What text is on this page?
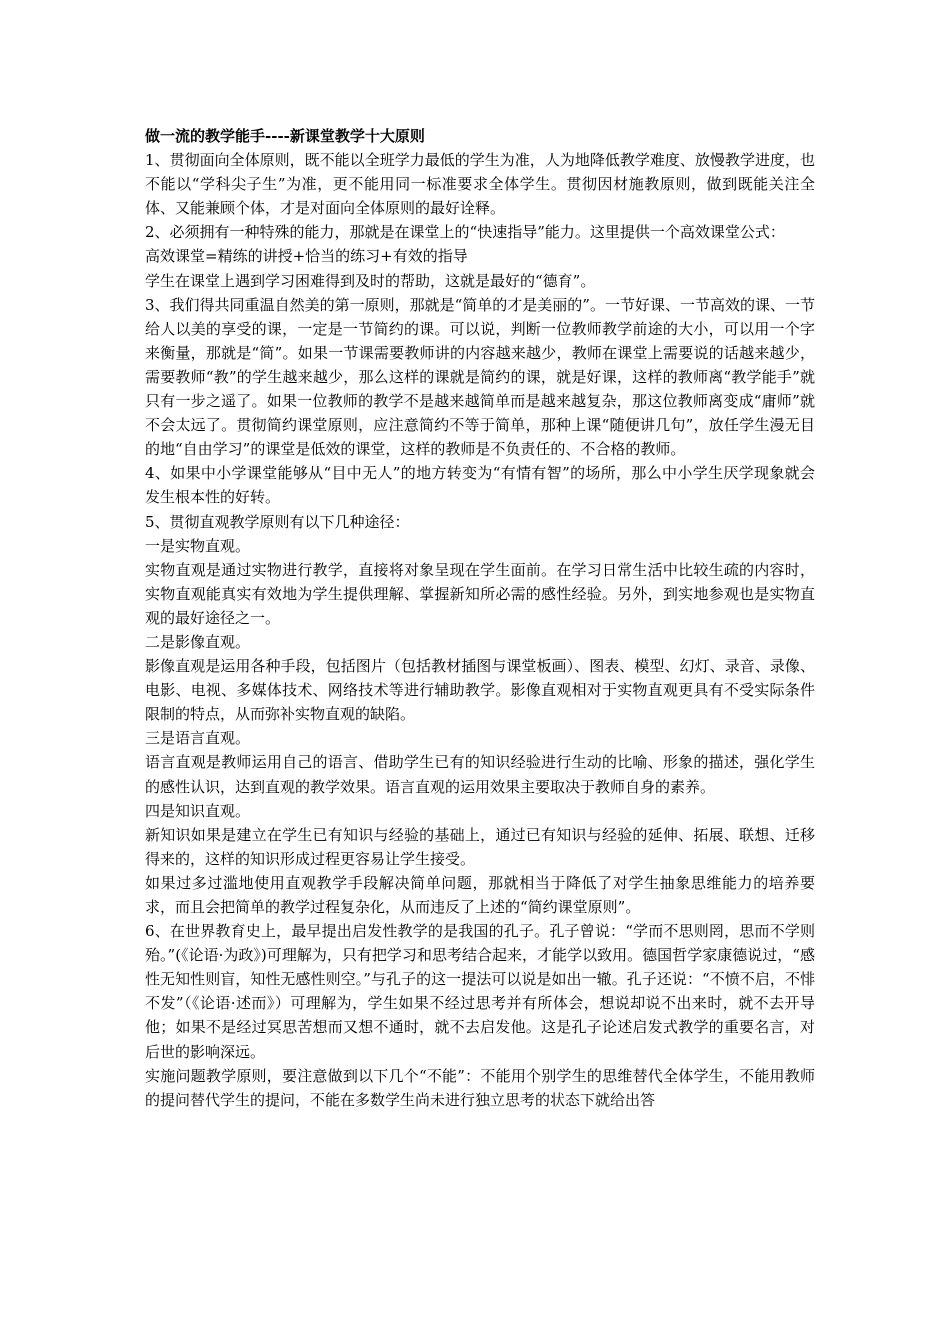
做一流的教学能手----新课堂教学十大原则

1、贯彻面向全体原则，既不能以全班学力最低的学生为准，人为地降低教学难度、放慢教学进度，也不能以“学科尖子生”为准，更不能用同一标准要求全体学生。贯彻因材施教原则，做到既能关注全体、又能兼顾个体，才是对面向全体原则的最好诠释。

2、必须拥有一种特殊的能力，那就是在课堂上的“快速指导”能力。这里提供一个高效课堂公式：

高效课堂=精练的讲授+恰当的练习+有效的指导

学生在课堂上遇到学习困难得到及时的帮助，这就是最好的“德育”。

3、我们得共同重温自然美的第一原则，那就是“简单的才是美丽的”。一节好课、一节高效的课、一节给人以美的享受的课，一定是一节简约的课。可以说，判断一位教师教学前途的大小，可以用一个字来衡量，那就是“简”。如果一节课需要教师讲的内容越来越少，教师在课堂上需要说的话越来越少，需要教师“教”的学生越来越少，那么这样的课就是简约的课，就是好课，这样的教师离“教学能手”就只有一步之遥了。如果一位教师的教学不是越来越简单而是越来越复杂，那这位教师离变成“庸师”就不会太远了。贯彻简约课堂原则，应注意简约不等于简单，那种上课“随便讲几句”，放任学生漫无目的地“自由学习”的课堂是低效的课堂，这样的教师是不负责任的、不合格的教师。

4、如果中小学课堂能够从“目中无人”的地方转变为“有情有智”的场所，那么中小学生厌学现象就会发生根本性的好转。

5、贯彻直观教学原则有以下几种途径：

一是实物直观。

实物直观是通过实物进行教学，直接将对象呈现在学生面前。在学习日常生活中比较生疏的内容时，实物直观能真实有效地为学生提供理解、掌握新知所必需的感性经验。另外，到实地参观也是实物直观的最好途径之一。

二是影像直观。

影像直观是运用各种手段，包括图片（包括教材插图与课堂板画）、图表、模型、幻灯、录音、录像、电影、电视、多媒体技术、网络技术等进行辅助教学。影像直观相对于实物直观更具有不受实际条件限制的特点，从而弥补实物直观的缺陷。

三是语言直观。

语言直观是教师运用自己的语言、借助学生已有的知识经验进行生动的比喻、形象的描述，强化学生的感性认识，达到直观的教学效果。语言直观的运用效果主要取决于教师自身的素养。

四是知识直观。

新知识如果是建立在学生已有知识与经验的基础上，通过已有知识与经验的延伸、拓展、联想、迁移得来的，这样的知识形成过程更容易让学生接受。

如果过多过滥地使用直观教学手段解决简单问题，那就相当于降低了对学生抽象思维能力的培养要求，而且会把简单的教学过程复杂化，从而违反了上述的“简约课堂原则”。

6、在世界教育史上，最早提出启发性教学的是我国的孔子。孔子曾说：“学而不思则罔，思而不学则殆。”(《论语·为政》)可理解为，只有把学习和思考结合起来，才能学以致用。德国哲学家康德说过，“感性无知性则盲，知性无感性则空。”与孔子的这一提法可以说是如出一辙。孔子还说：“不愤不启，不悱不发”（《论语·述而》）可理解为，学生如果不经过思考并有所体会，想说却说不出来时，就不去开导他；如果不是经过冥思苦想而又想不通时，就不去启发他。这是孔子论述启发式教学的重要名言，对后世的影响深远。

实施问题教学原则，要注意做到以下几个“不能”：不能用个别学生的思维替代全体学生，不能用教师的提问替代学生的提问，不能在多数学生尚未进行独立思考的状态下就给出答
